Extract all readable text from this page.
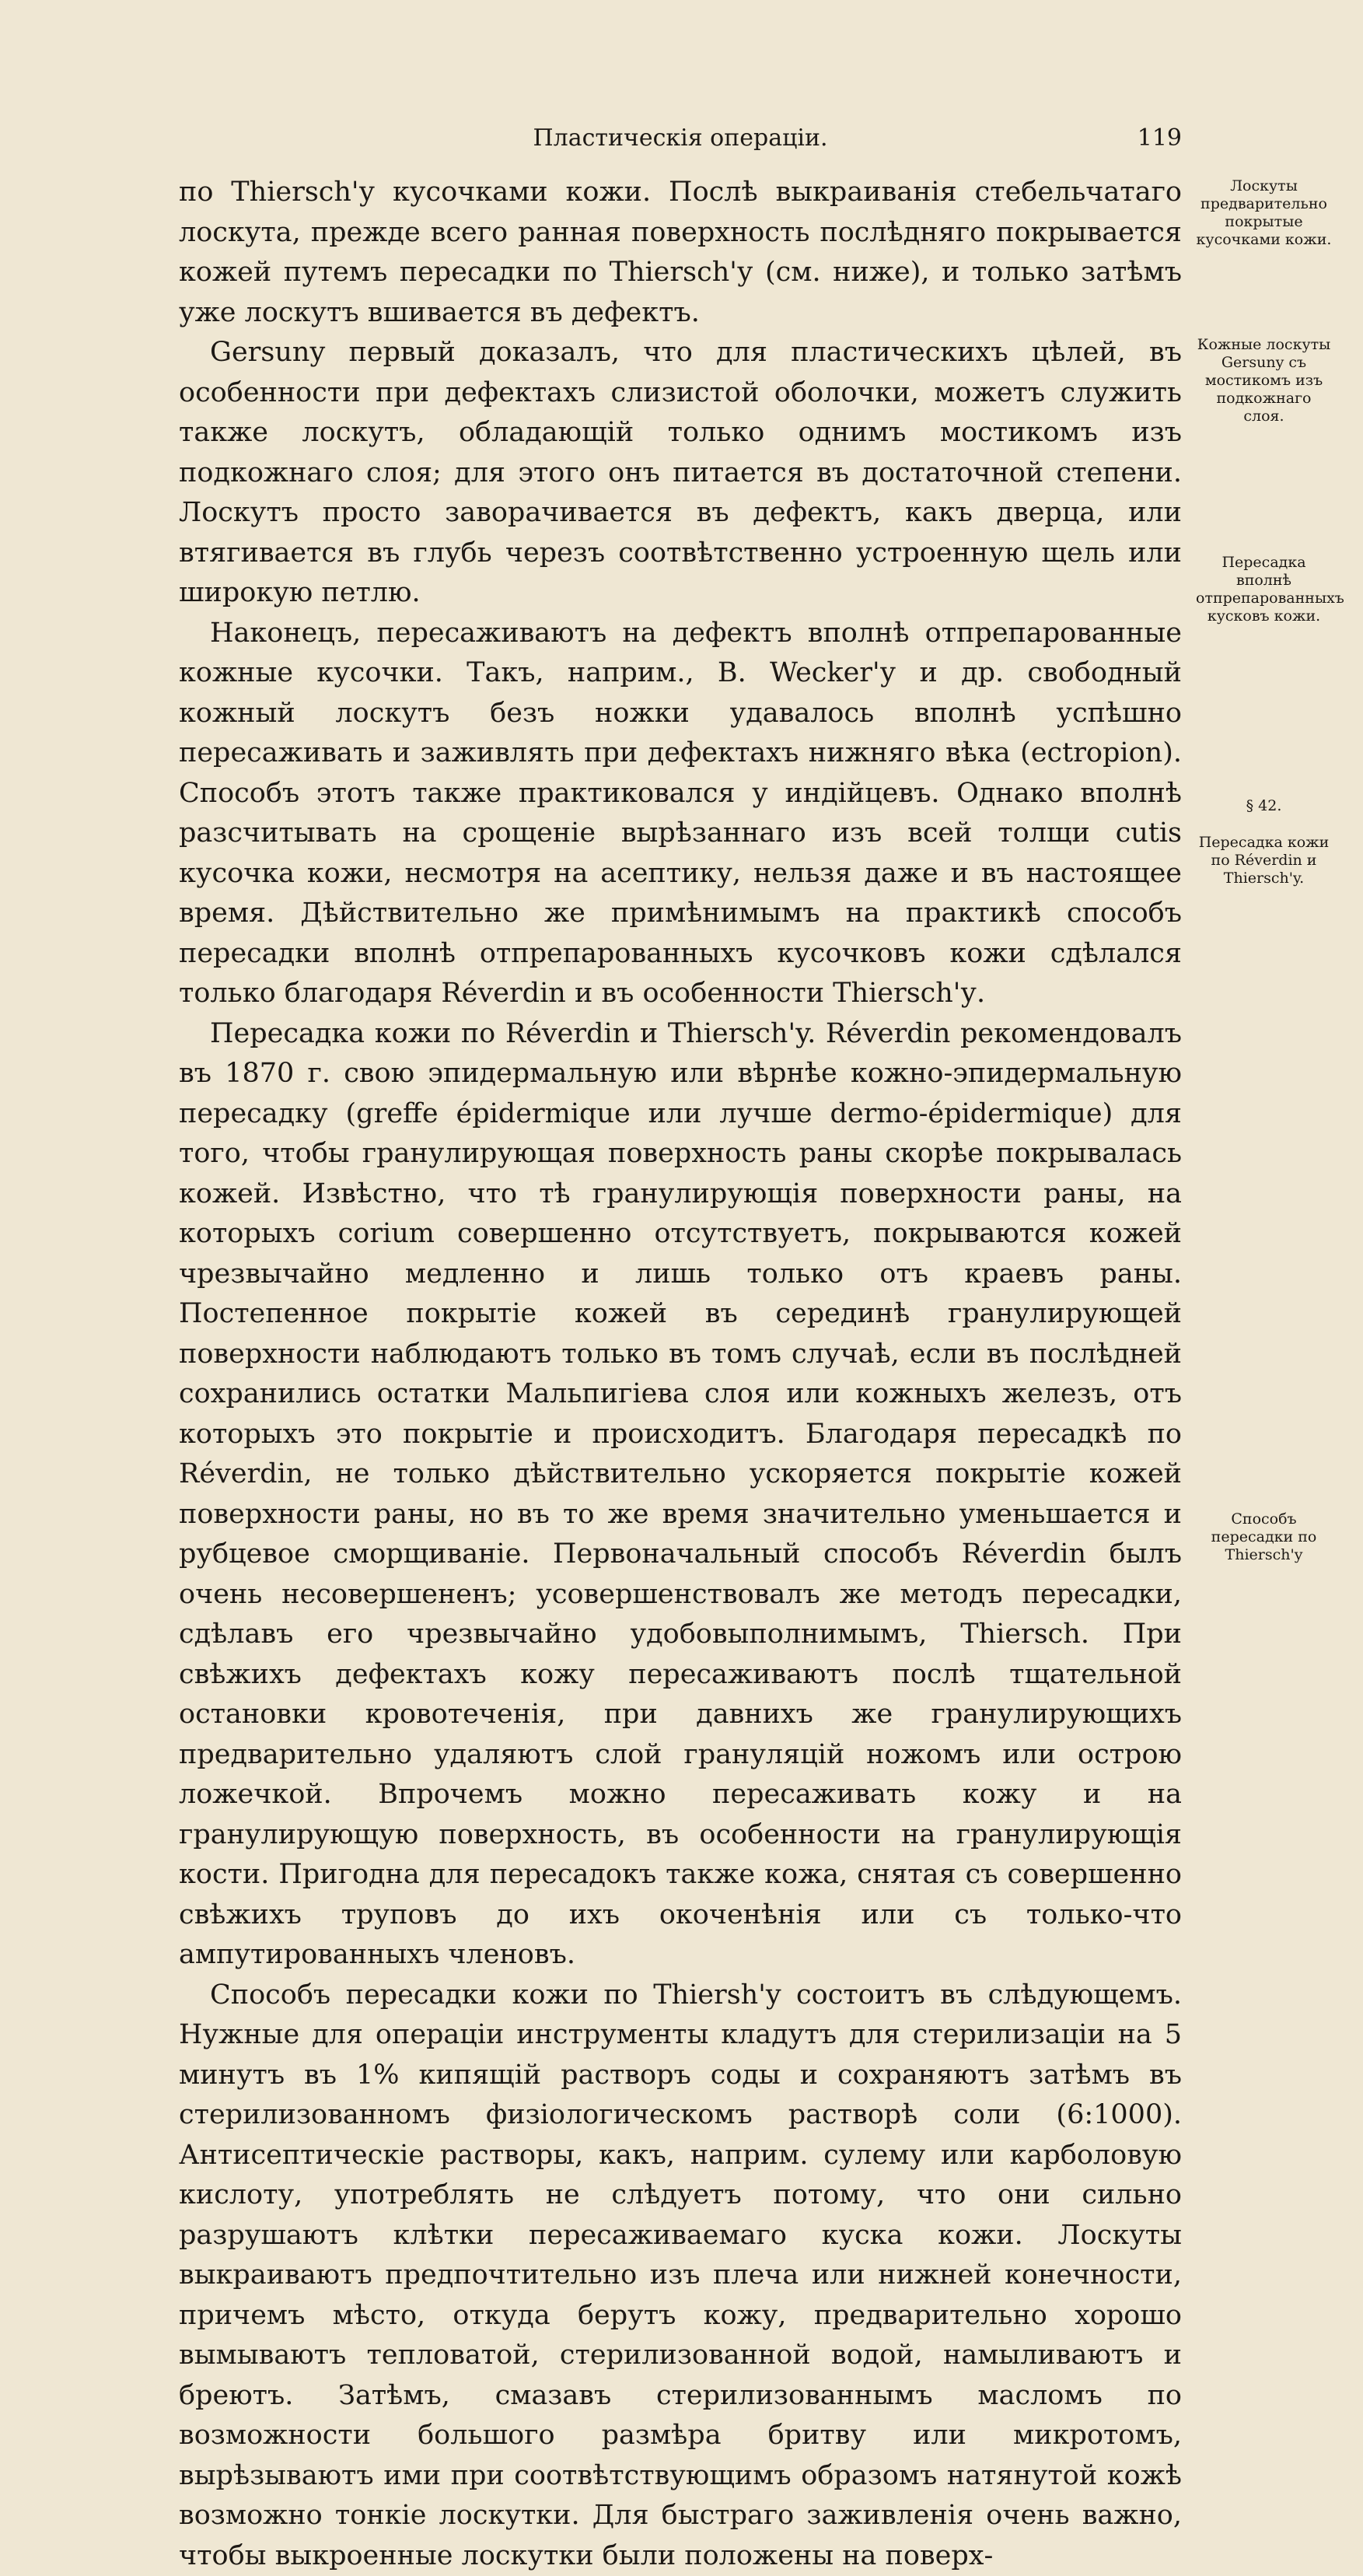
Пластическія операціи.	119

по Thiersch'у кусочками кожи. Послѣ выкраиванія стебельчатаго лоскута, прежде всего раннaя поверхность послѣдняго покрывается кожей путемъ пересадки по Thiersch'у (см. ниже), и только затѣмъ уже лоскутъ вшивается въ дефектъ.

Gersuny первый доказалъ, что для пластическихъ цѣлей, въ особенности при дефектахъ слизистой оболочки, можетъ служить также лоскутъ, обладающій только однимъ мостикомъ изъ подкожнаго слоя; для этого онъ питается въ достаточной степени. Лоскутъ просто заворачивается въ дефектъ, какъ дверца, или втягивается въ глубь черезъ соотвѣтственно устроенную щель или широкую петлю.

Наконецъ, пересаживаютъ на дефектъ вполнѣ отпрепарованные кожные кусочки. Такъ, наприм., B. Wecker'у и др. свободный кожный лоскутъ безъ ножки удавалось вполнѣ успѣшно пересаживать и заживлять при дефектахъ нижняго вѣка (ectropion). Способъ этотъ также практиковался у индійцевъ. Однако вполнѣ разсчитывать на срощеніе вырѣзаннаго изъ всей толщи cutis кусочка кожи, несмотря на асептику, нельзя даже и въ настоящее время. Дѣйствительно же примѣнимымъ на практикѣ способъ пересадки вполнѣ отпрепарованныхъ кусочковъ кожи сдѣлался только благодаря Réverdin и въ особенности Thiersch'у.

Пересадка кожи по Réverdin и Thiersch'y. Réverdin рекомендовалъ въ 1870 г. свою эпидермальную или вѣрнѣе кожно-эпидермальную пересадку (greffe épidermique или лучше dermo-épidermique) для того, чтобы гранулирующая поверхность раны скорѣе покрывалась кожей. Извѣстно, что тѣ гранулирующія поверхности раны, на которыхъ corium совершенно отсутствуетъ, покрываются кожей чрезвычайно медленно и лишь только отъ краевъ раны. Постепенное покрытіе кожей въ серединѣ гранулирующей поверхности наблюдаютъ только въ томъ случаѣ, если въ послѣдней сохранились остатки Мальпигіева слоя или кожныхъ железъ, отъ которыхъ это покрытіе и происходитъ. Благодаря пересадкѣ по Réverdin, не только дѣйствительно ускоряется покрытіе кожей поверхности раны, но въ то же время значительно уменьшается и рубцевое сморщиваніе. Первоначальный способъ Réverdin былъ очень несовершененъ; усовершенствовалъ же методъ пересадки, сдѣлавъ его чрезвычайно удобовыполнимымъ, Thiersch. При свѣжихъ дефектахъ кожу пересаживаютъ послѣ тщательной остановки кровотеченія, при давнихъ же гранулирующихъ предварительно удаляютъ слой грануляцій ножомъ или острою ложечкой. Впрочемъ можно пересаживать кожу и на гранулирующую поверхность, въ особенности на гранулирующія кости. Пригодна для пересадокъ также кожа, снятая съ совершенно свѣжихъ труповъ до ихъ окоченѣнія или съ только-что ампутированныхъ членовъ.

Способъ пересадки кожи по Thiersh'y состоитъ въ слѣдующемъ. Нужные для операціи инструменты кладутъ для стерилизаціи на 5 минутъ въ 1% кипящій растворъ соды и сохраняютъ затѣмъ въ стерилизованномъ физіологическомъ растворѣ соли (6:1000). Антисептическіе растворы, какъ, наприм. сулему или карболовую кислоту, употреблять не слѣдуетъ потому, что они сильно разрушаютъ клѣтки пересаживаемаго куска кожи. Лоскуты выкраиваютъ предпочтительно изъ плеча или нижней конечности, причемъ мѣсто, откуда берутъ кожу, предварительно хорошо вымываютъ тепловатой, стерилизованной водой, намыливаютъ и бреютъ. Затѣмъ, смазавъ стерилизованнымъ масломъ по возможности большого размѣра бритву или микротомъ, вырѣзываютъ ими при соотвѣтствующимъ образомъ натянутой кожѣ возможно тонкіе лоскутки. Для быстраго заживленія очень важно, чтобы выкроенные лоскутки были положены на поверх-

Лоскуты предварительно покрытые кусочками кожи.
Кожные лоскуты Gersuny съ мостикомъ изъ подкожнаго слоя.
Пересадка вполнѣ отпрепарованныхъ кусковъ кожи.
§ 42.
Пересадка кожи по Réverdin и Thiersch'y.
Способъ пересадки по Thiersch'y
